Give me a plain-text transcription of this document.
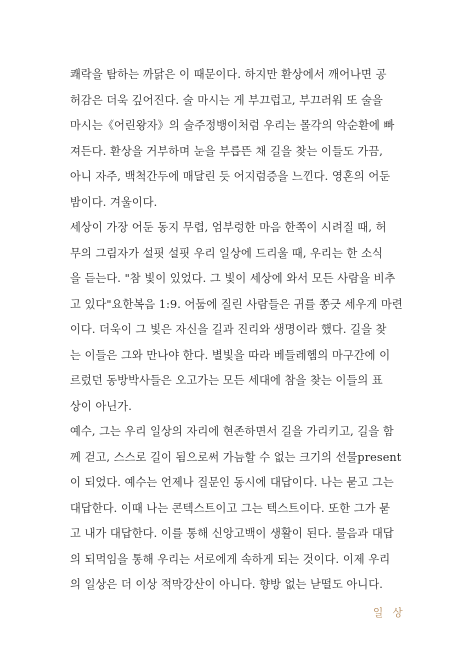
쾌락을 탐하는 까닭은 이 때문이다. 하지만 환상에서 깨어나면 공
허감은 더욱 깊어진다. 술 마시는 게 부끄럽고, 부끄러워 또 술을
마시는《어린왕자》의 술주정뱅이처럼 우리는 몰각의 악순환에 빠
져든다. 환상을 거부하며 눈을 부릅뜬 채 길을 찾는 이들도 가끔,
아니 자주, 백척간두에 매달린 듯 어지럼증을 느낀다. 영혼의 어둔
밤이다. 겨울이다.
세상이 가장 어둔 동지 무렵, 엄부렁한 마음 한쪽이 시려질 때, 허
무의 그림자가 설핏 설핏 우리 일상에 드리울 때, 우리는 한 소식
을 듣는다. "참 빛이 있었다. 그 빛이 세상에 와서 모든 사람을 비추
고 있다"요한복음 1:9. 어둠에 질린 사람들은 귀를 쫑긋 세우게 마련
이다. 더욱이 그 빛은 자신을 길과 진리와 생명이라 했다. 길을 찾
는 이들은 그와 만나야 한다. 별빛을 따라 베들레헴의 마구간에 이
르렀던 동방박사들은 오고가는 모든 세대에 참을 찾는 이들의 표
상이 아닌가.
예수, 그는 우리 일상의 자리에 현존하면서 길을 가리키고, 길을 함
께 걷고, 스스로 길이 됨으로써 가늠할 수 없는 크기의 선물present
이 되었다. 예수는 언제나 질문인 동시에 대답이다. 나는 묻고 그는
대답한다. 이때 나는 콘텍스트이고 그는 텍스트이다. 또한 그가 묻
고 내가 대답한다. 이를 통해 신앙고백이 생활이 된다. 물음과 대답
의 되먹임을 통해 우리는 서로에게 속하게 되는 것이다. 이제 우리
의 일상은 더 이상 적막강산이 아니다. 향방 없는 낟떨도 아니다.
일 상
